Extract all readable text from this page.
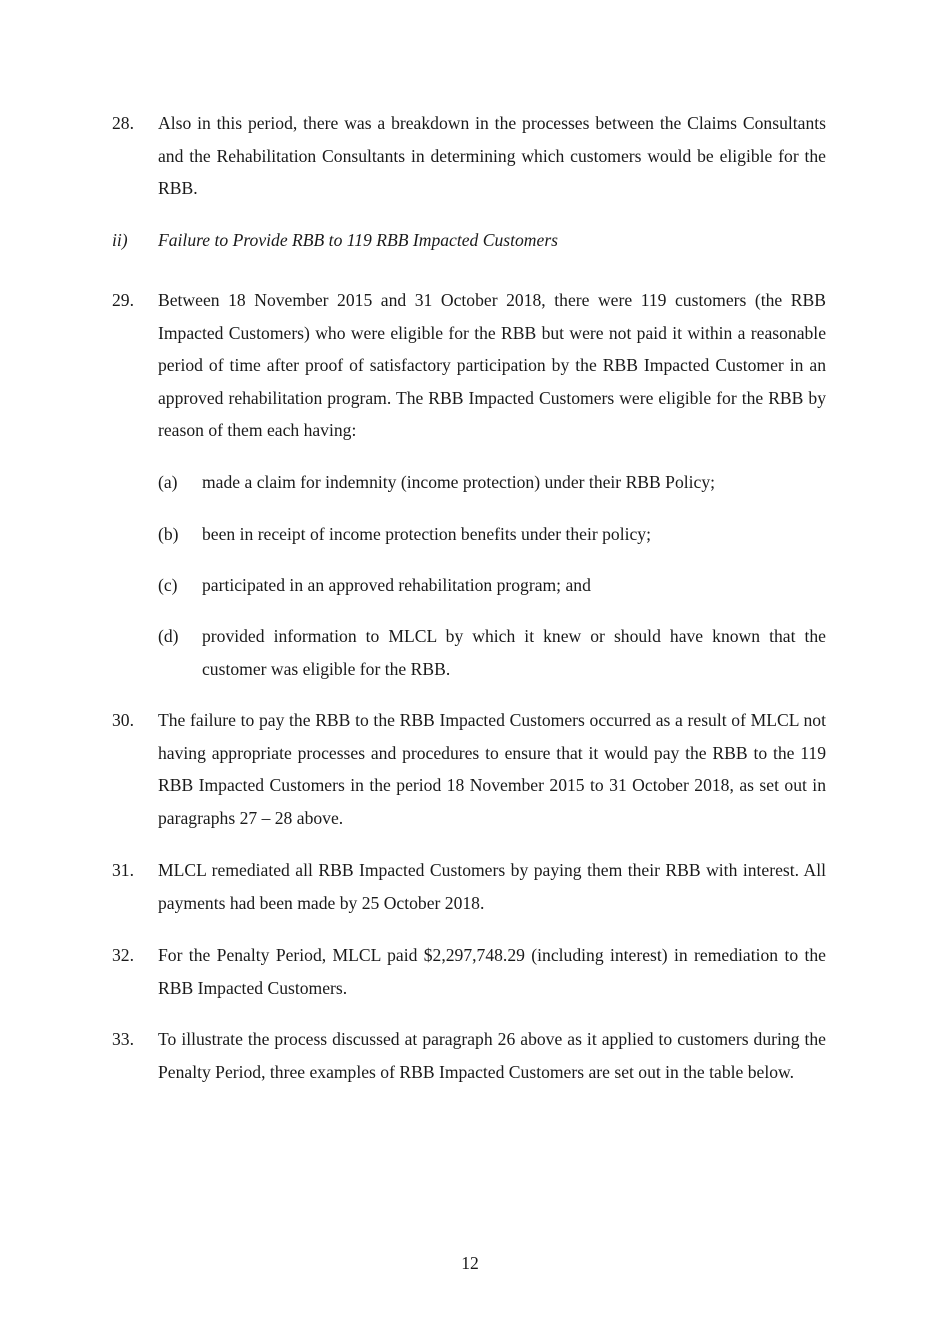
28. Also in this period, there was a breakdown in the processes between the Claims Consultants and the Rehabilitation Consultants in determining which customers would be eligible for the RBB.
ii) Failure to Provide RBB to 119 RBB Impacted Customers
29. Between 18 November 2015 and 31 October 2018, there were 119 customers (the RBB Impacted Customers) who were eligible for the RBB but were not paid it within a reasonable period of time after proof of satisfactory participation by the RBB Impacted Customer in an approved rehabilitation program. The RBB Impacted Customers were eligible for the RBB by reason of them each having:
(a) made a claim for indemnity (income protection) under their RBB Policy;
(b) been in receipt of income protection benefits under their policy;
(c) participated in an approved rehabilitation program; and
(d) provided information to MLCL by which it knew or should have known that the customer was eligible for the RBB.
30. The failure to pay the RBB to the RBB Impacted Customers occurred as a result of MLCL not having appropriate processes and procedures to ensure that it would pay the RBB to the 119 RBB Impacted Customers in the period 18 November 2015 to 31 October 2018, as set out in paragraphs 27 – 28 above.
31. MLCL remediated all RBB Impacted Customers by paying them their RBB with interest. All payments had been made by 25 October 2018.
32. For the Penalty Period, MLCL paid $2,297,748.29 (including interest) in remediation to the RBB Impacted Customers.
33. To illustrate the process discussed at paragraph 26 above as it applied to customers during the Penalty Period, three examples of RBB Impacted Customers are set out in the table below.
12
